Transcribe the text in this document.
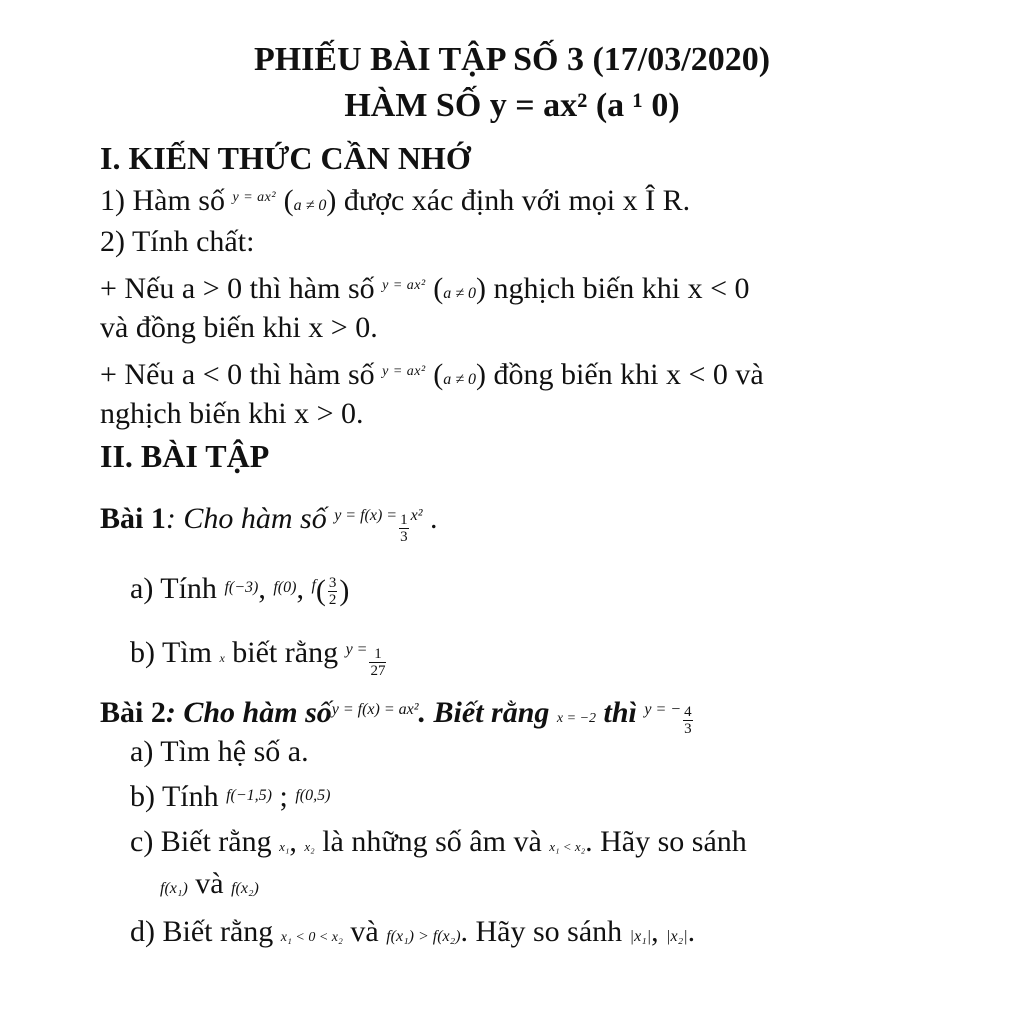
PHIẾU BÀI TẬP SỐ 3 (17/03/2020)
HÀM SỐ y = ax² (a ¹ 0)
I. KIẾN THỨC CẦN NHỚ
1) Hàm số $^{y = ax^2}$ (a ≠ 0) được xác định với mọi x Î R.
2) Tính chất:
+ Nếu a > 0 thì hàm số $^{y = ax^2}$ (a ≠ 0) nghịch biến khi x < 0
và đồng biến khi x > 0.
+ Nếu a < 0 thì hàm số $^{y = ax^2}$ (a ≠ 0) đồng biến khi x < 0 và
nghịch biến khi x > 0.
II. BÀI TẬP
Bài 1: Cho hàm số $^{y = f(x) =} \frac{1}{3} ^{x^2}$ .
a) Tính $^{f(-3)}$, $^{f(0)}$, $^f( \frac{3}{2}$ )
b) Tìm x biết rằng $^{y =} \frac{1}{27}$
Bài 2: Cho hàm số$^{y = f(x) = ax^2}$. Biết rằng x = −2 thì $^{y = -} \frac{4}{3}$
a) Tìm hệ số a.
b) Tính $^{f(-1,5)}$ ; $^{f(0,5)}$
c) Biết rằng x₁, x₂ là những số âm và x₁ < x₂. Hãy so sánh
f(x₁) và f(x₂)
d) Biết rằng x₁ < 0 < x₂ và f(x₁) > f(x₂). Hãy so sánh |x₁|, |x₂|.
